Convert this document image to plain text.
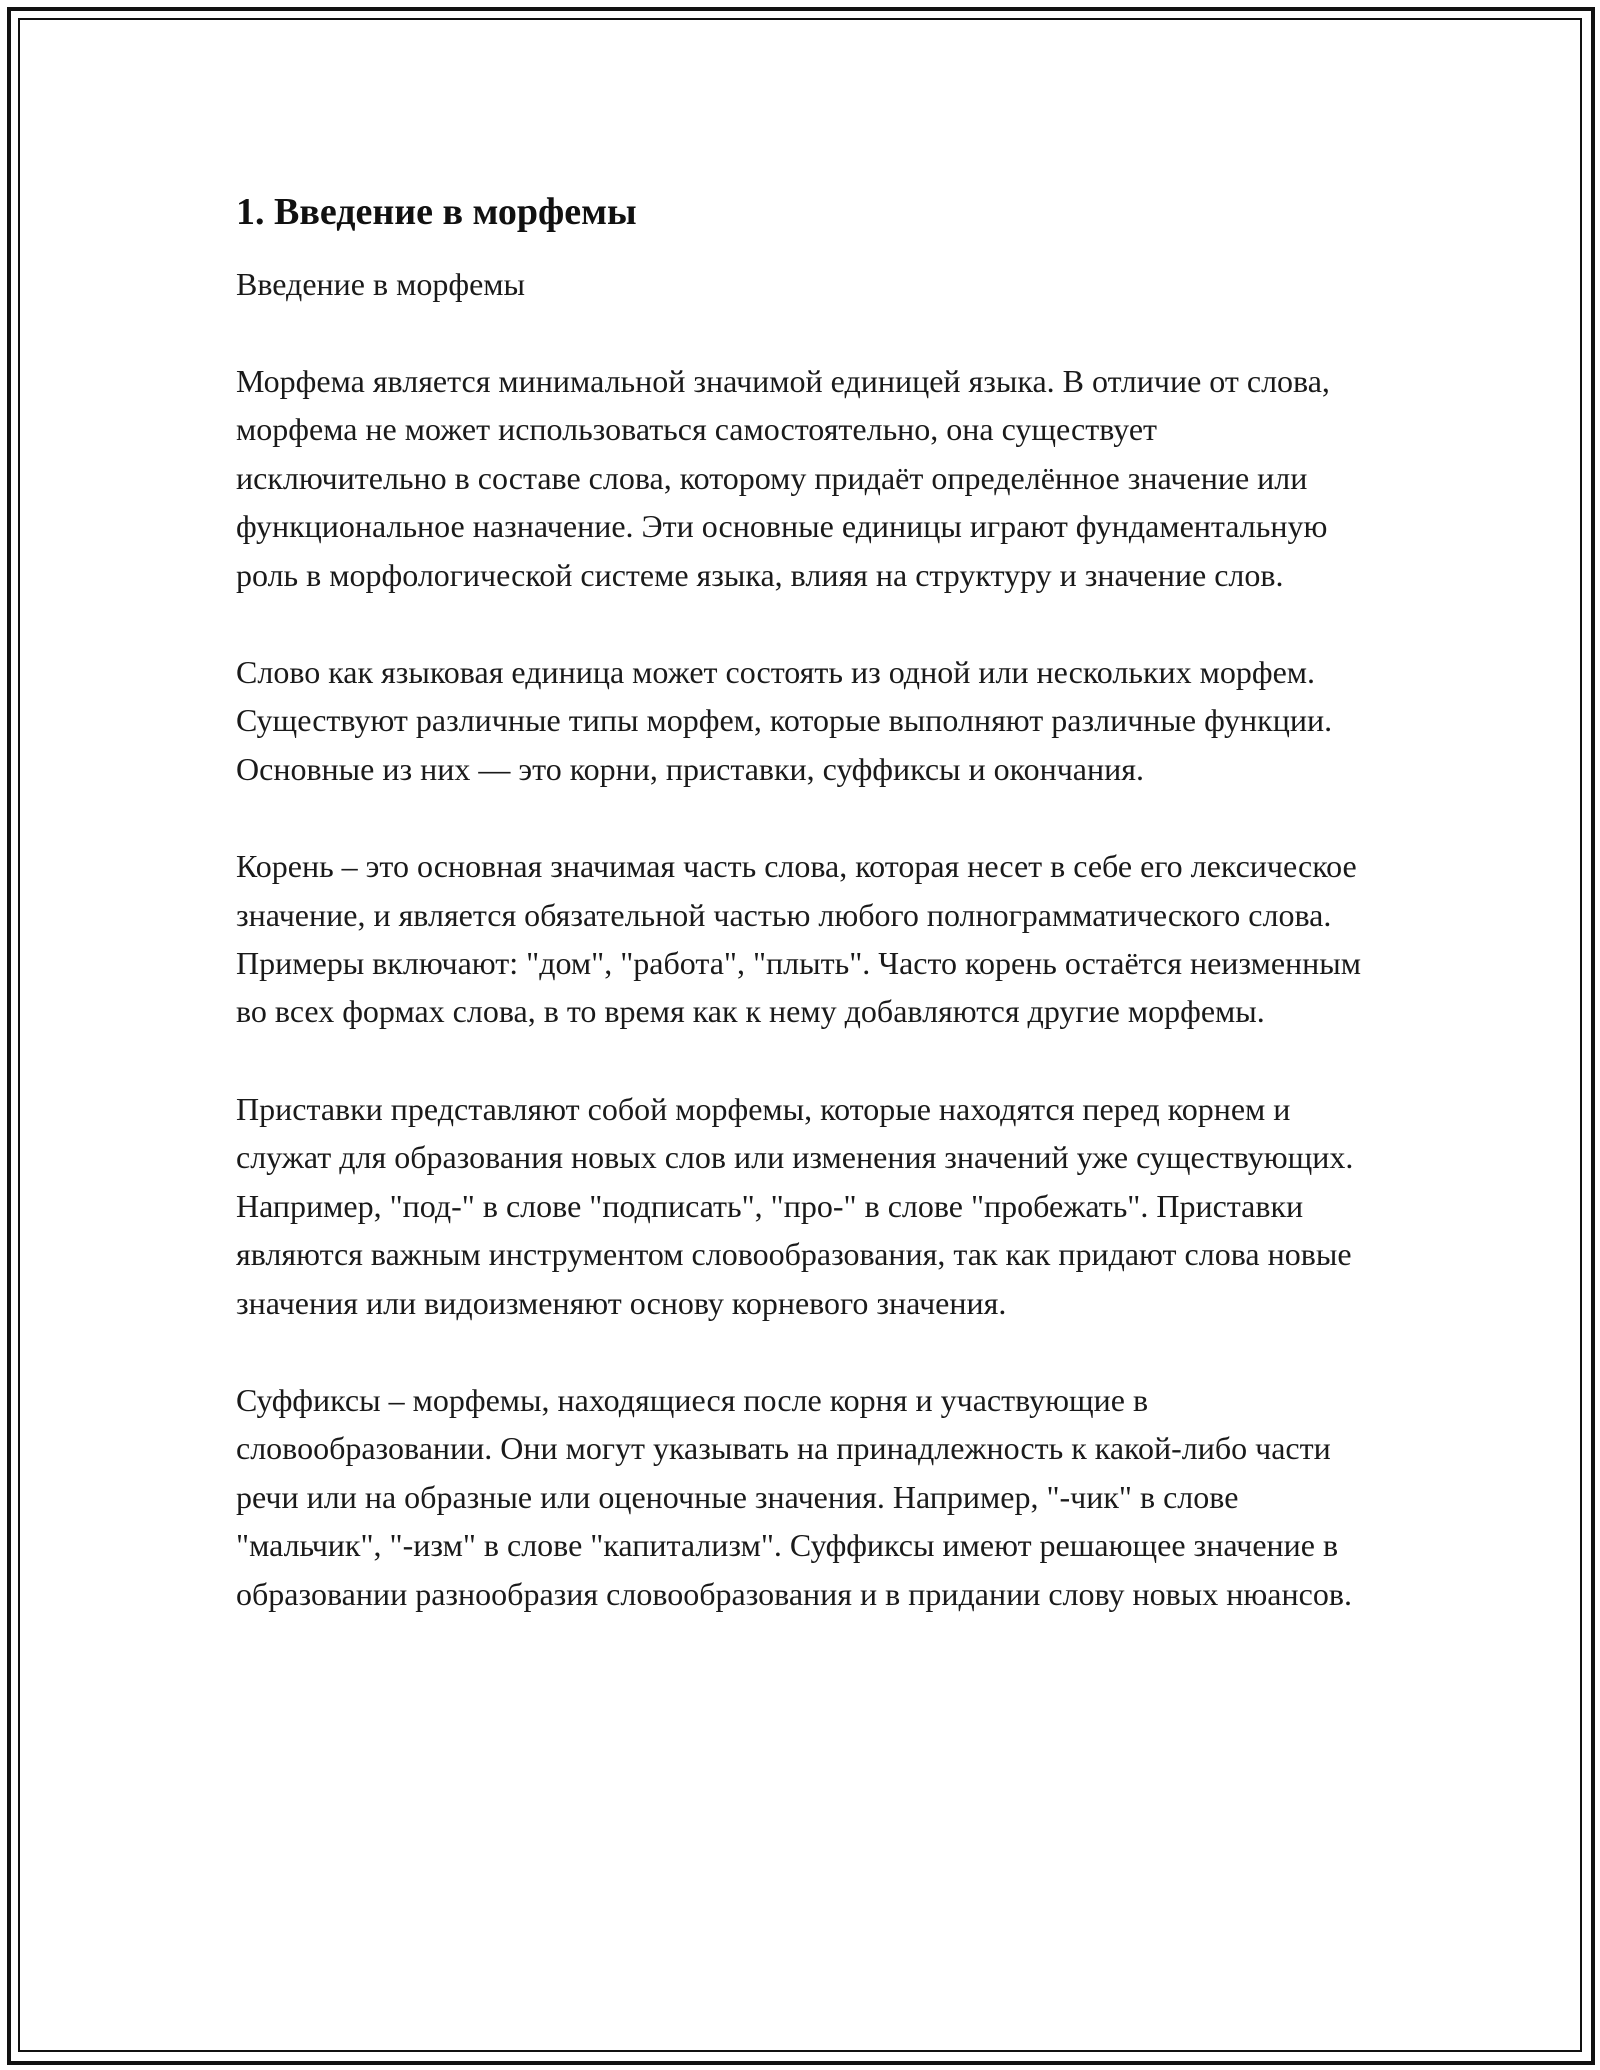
1. Введение в морфемы

Введение в морфемы

Морфема является минимальной значимой единицей языка. В отличие от слова, морфема не может использоваться самостоятельно, она существует исключительно в составе слова, которому придаёт определённое значение или функциональное назначение. Эти основные единицы играют фундаментальную роль в морфологической системе языка, влияя на структуру и значение слов.

Слово как языковая единица может состоять из одной или нескольких морфем. Существуют различные типы морфем, которые выполняют различные функции. Основные из них — это корни, приставки, суффиксы и окончания.

Корень – это основная значимая часть слова, которая несет в себе его лексическое значение, и является обязательной частью любого полнограмматического слова. Примеры включают: "дом", "работа", "плыть". Часто корень остаётся неизменным во всех формах слова, в то время как к нему добавляются другие морфемы.

Приставки представляют собой морфемы, которые находятся перед корнем и служат для образования новых слов или изменения значений уже существующих. Например, "под-" в слове "подписать", "про-" в слове "пробежать". Приставки являются важным инструментом словообразования, так как придают слова новые значения или видоизменяют основу корневого значения.

Суффиксы – морфемы, находящиеся после корня и участвующие в словообразовании. Они могут указывать на принадлежность к какой-либо части речи или на образные или оценочные значения. Например, "-чик" в слове "мальчик", "-изм" в слове "капитализм". Суффиксы имеют решающее значение в образовании разнообразия словообразования и в придании слову новых нюансов.
